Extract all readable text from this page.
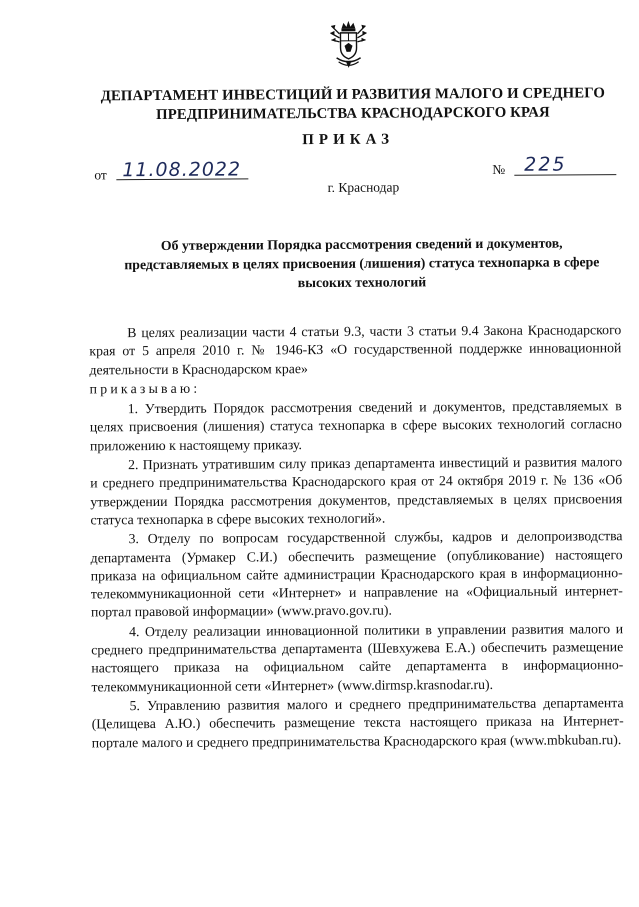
ДЕПАРТАМЕНТ ИНВЕСТИЦИЙ И РАЗВИТИЯ МАЛОГО И СРЕДНЕГО ПРЕДПРИНИМАТЕЛЬСТВА КРАСНОДАРСКОГО КРАЯ
ПРИКАЗ
от 11.08.2022	№ 225
г. Краснодар
Об утверждении Порядка рассмотрения сведений и документов, представляемых в целях присвоения (лишения) статуса технопарка в сфере высоких технологий

В целях реализации части 4 статьи 9.3, части 3 статьи 9.4 Закона Краснодарского края от 5 апреля 2010 г. № 1946-КЗ «О государственной поддержке инновационной деятельности в Краснодарском крае»

приказываю:

1. Утвердить Порядок рассмотрения сведений и документов, представляемых в целях присвоения (лишения) статуса технопарка в сфере высоких технологий согласно приложению к настоящему приказу.

2. Признать утратившим силу приказ департамента инвестиций и развития малого и среднего предпринимательства Краснодарского края от 24 октября 2019 г. № 136 «Об утверждении Порядка рассмотрения документов, представляемых в целях присвоения статуса технопарка в сфере высоких технологий».

3. Отделу по вопросам государственной службы, кадров и делопроизводства департамента (Урмакер С.И.) обеспечить размещение (опубликование) настоящего приказа на официальном сайте администрации Краснодарского края в информационно-телекоммуникационной сети «Интернет» и направление на «Официальный интернет-портал правовой информации» (www.pravo.gov.ru).

4. Отделу реализации инновационной политики в управлении развития малого и среднего предпринимательства департамента (Шевхужева Е.А.) обеспечить размещение настоящего приказа на официальном сайте департамента в информационно-телекоммуникационной сети «Интернет» (www.dirmsp.krasnodar.ru).

5. Управлению развития малого и среднего предпринимательства департамента (Целищева А.Ю.) обеспечить размещение текста настоящего приказа на Интернет-портале малого и среднего предпринимательства Краснодарского края (www.mbkuban.ru).
